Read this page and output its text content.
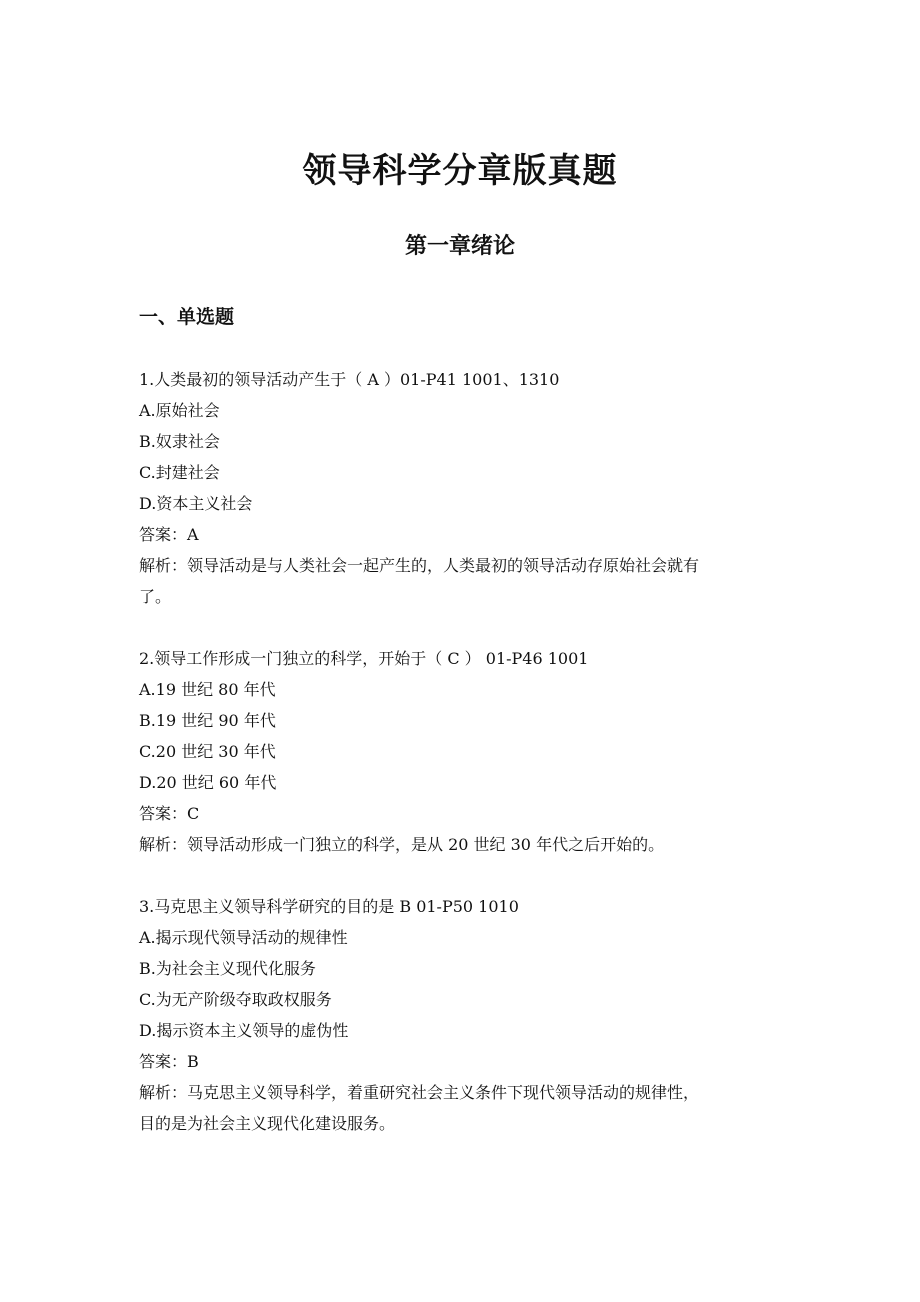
领导科学分章版真题
第一章绪论
一、单选题
1.人类最初的领导活动产生于（ A ）01-P41 1001、1310
A.原始社会
B.奴隶社会
C.封建社会
D.资本主义社会
答案：A
解析：领导活动是与人类社会一起产生的，人类最初的领导活动存原始社会就有
了。
2.领导工作形成一门独立的科学，开始于（ C ） 01-P46 1001
A.19 世纪 80 年代
B.19 世纪 90 年代
C.20 世纪 30 年代
D.20 世纪 60 年代
答案：C
解析：领导活动形成一门独立的科学，是从 20 世纪 30 年代之后开始的。
3.马克思主义领导科学研究的目的是 B 01-P50 1010
A.揭示现代领导活动的规律性
B.为社会主义现代化服务
C.为无产阶级夺取政权服务
D.揭示资本主义领导的虚伪性
答案：B
解析：马克思主义领导科学，着重研究社会主义条件下现代领导活动的规律性，
目的是为社会主义现代化建设服务。
